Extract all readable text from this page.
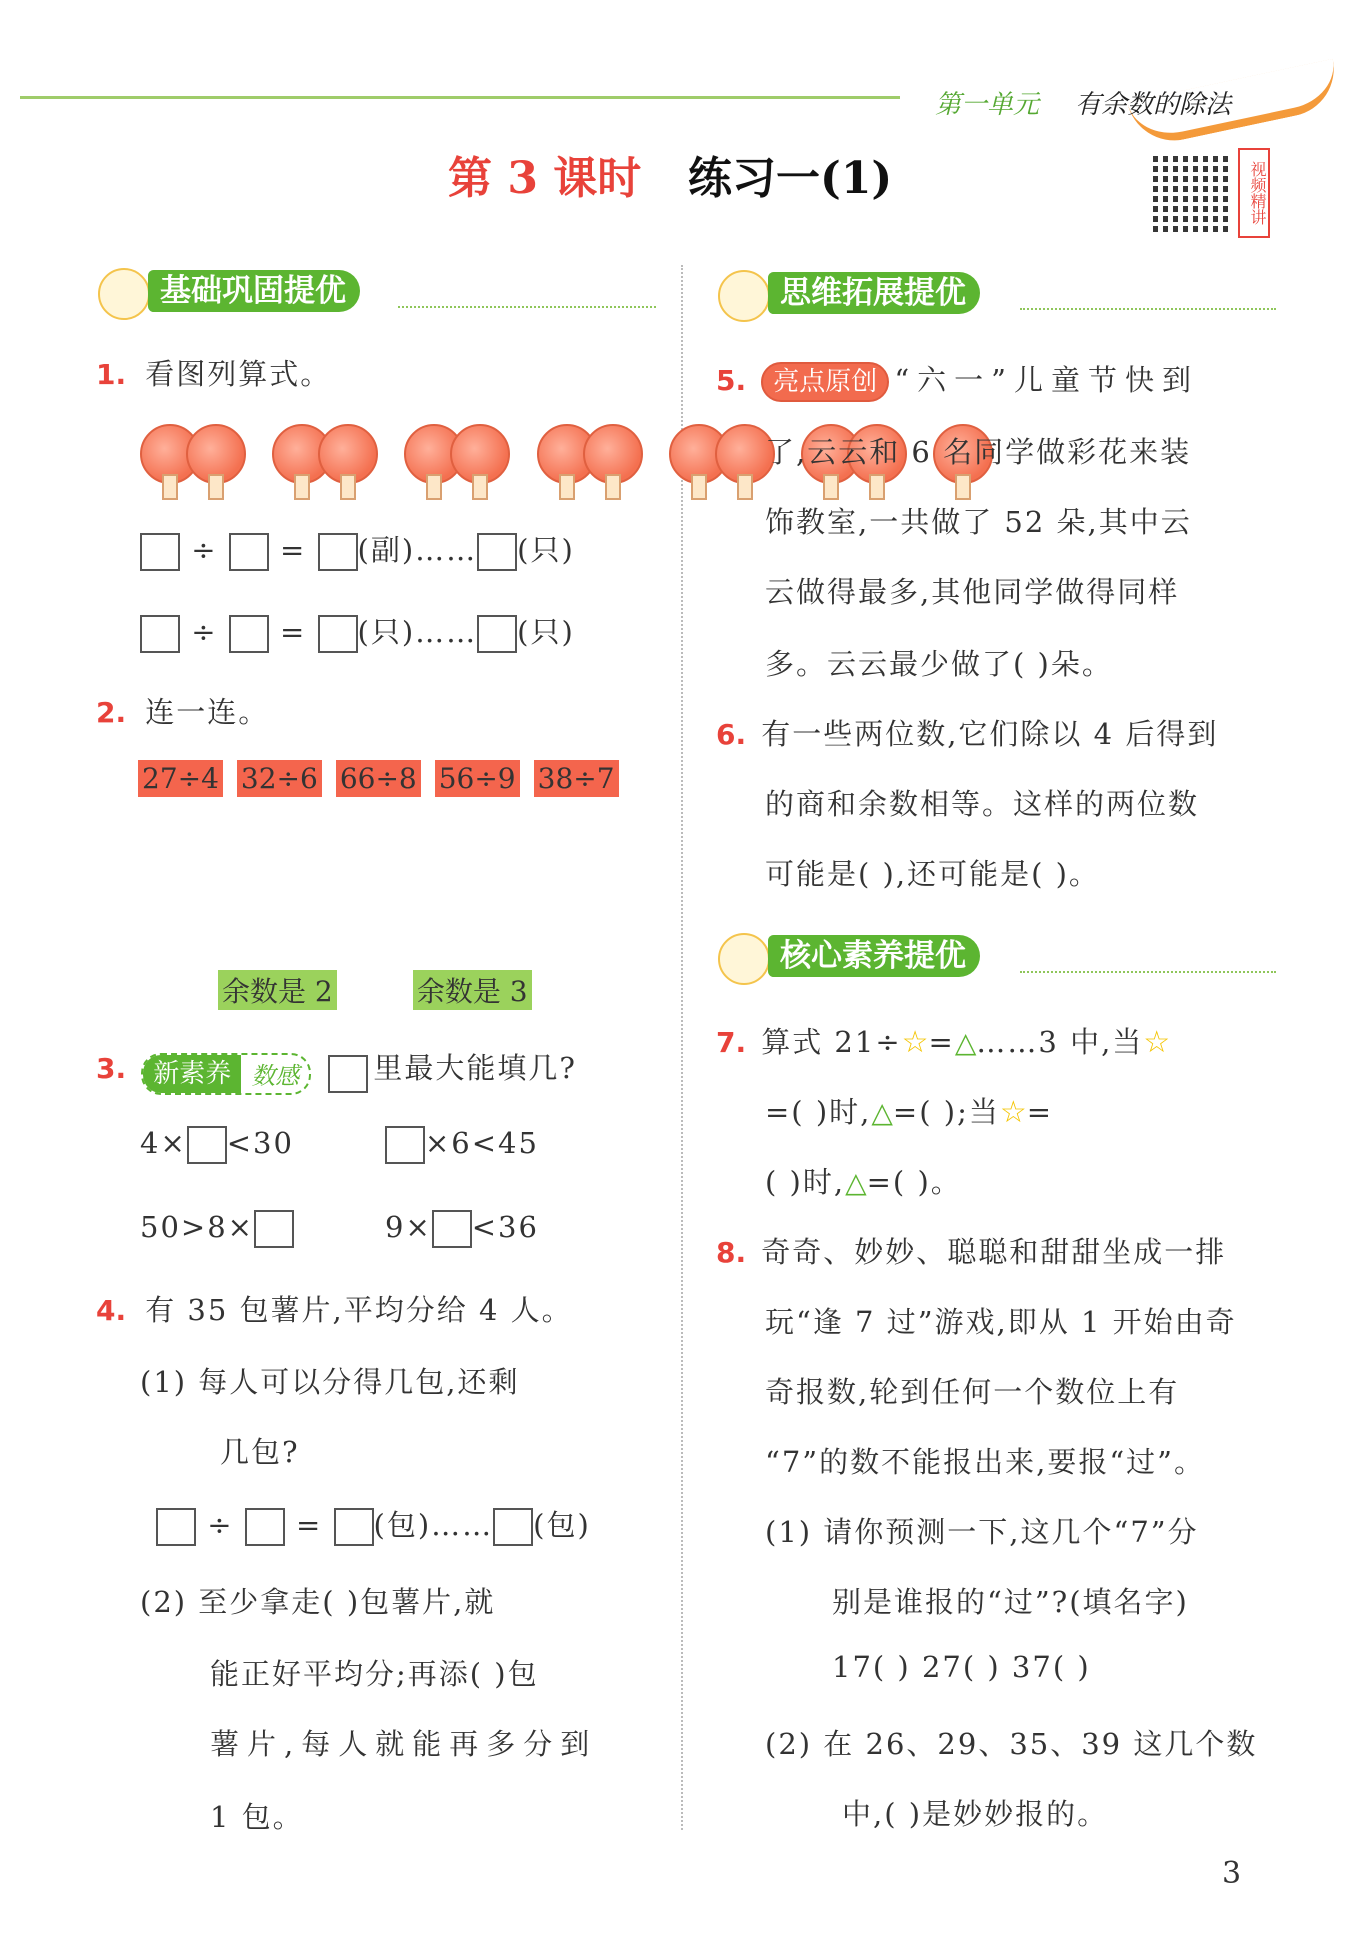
第一单元 有余数的除法
第 3 课时 练习一(1)	视频精讲
基础巩固提优
1. 看图列算式。

÷  = (副)…… (只)
÷  = (只)…… (只)
2. 连一连。
27÷4 32÷6 66÷8 56÷9 38÷7
余数是 2	余数是 3
3.	新素养 数感	里最大能填几?
4× <30	×6<45
50>8×	9× <36
4. 有 35 包薯片,平均分给 4 人。
(1) 每人可以分得几包,还剩
几包?
÷  = (包)…… (包)
(2) 至少拿走( )包薯片,就
能正好平均分;再添( )包
薯片,每人就能再多分到
1 包。
思维拓展提优
5. 亮点原创 “六一”儿童节快到
了,云云和 6 名同学做彩花来装
饰教室,一共做了 52 朵,其中云
云做得最多,其他同学做得同样
多。云云最少做了( )朵。
6. 有一些两位数,它们除以 4 后得到
的商和余数相等。这样的两位数
可能是( ),还可能是( )。
核心素养提优
7. 算式 21÷☆=△……3 中,当☆
=( )时,△=( );当☆=
( )时,△=( )。
8. 奇奇、妙妙、聪聪和甜甜坐成一排
玩“逢 7 过”游戏,即从 1 开始由奇
奇报数,轮到任何一个数位上有
“7”的数不能报出来,要报“过”。
(1) 请你预测一下,这几个“7”分
别是谁报的“过”?(填名字)
17( ) 27( ) 37( )
(2) 在 26、29、35、39 这几个数
中,( )是妙妙报的。
3
